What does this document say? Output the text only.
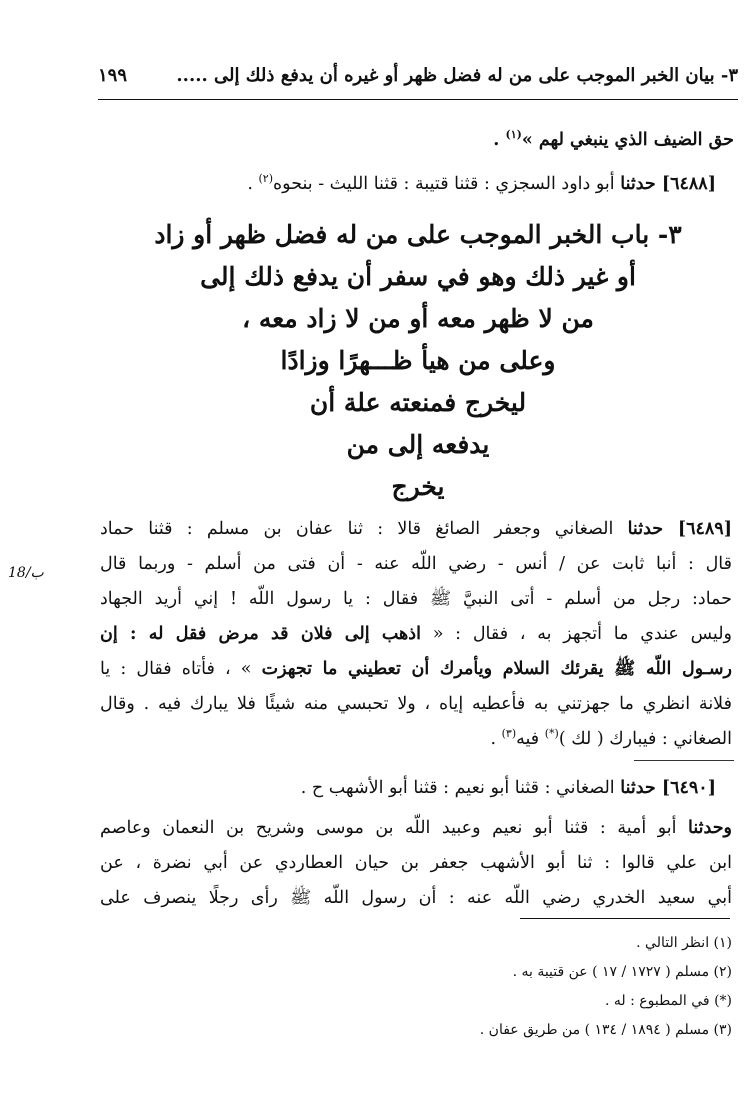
٣- بيان الخبر الموجب على من له فضل ظهر أو غيره أن يدفع ذلك إلى .....
١٩٩
حق الضيف الذي ينبغي لهم »$^{(١)}$ .
[٦٤٨٨] حدثنا أبو داود السجزي : قثنا قتيبة : قثنا الليث - بنحوه$^{(٢)}$ .
٣- باب الخبر الموجب على من له فضل ظهر أو زاد
أو غير ذلك وهو في سفر أن يدفع ذلك إلى
من لا ظهر معه أو من لا زاد معه ،
وعلى من هيأ ظـــهرًا وزادًا
ليخرج فمنعته علة أن
يدفعه إلى من
يخرج
[٦٤٨٩] حدثنا الصغاني وجعفر الصائغ قالا : ثنا عفان بن مسلم : قثنا حماد
قال : أنبا ثابت عن / أنس - رضي اللّه عنه - أن فتى من أسلم - وربما قال
حماد: رجل من أسلم - أتى النبيَّ ﷺ فقال : يا رسول اللّه ! إني أريد الجهاد
وليس عندي ما أتجهز به ، فقال : « اذهب إلى فلان قد مرض فقل له : إن
رسـول اللّه ﷺ يقرئك السلام ويأمرك أن تعطيني ما تجهزت » ، فأتاه فقال : يا
فلانة انظري ما جهزتني به فأعطيه إياه ، ولا تحبسي منه شيئًا فلا يبارك فيه . وقال
الصغاني : فيبارك ( لك )(*) فيه$^{(٣)}$ .
18/ب
[٦٤٩٠] حدثنا الصغاني : قثنا أبو نعيم : قثنا أبو الأشهب ح .
وحدثنا أبو أمية : قثنا أبو نعيم وعبيد اللّه بن موسى وشريح بن النعمان وعاصم
ابن علي قالوا : ثنا أبو الأشهب جعفر بن حيان العطاردي عن أبي نضرة ، عن
أبي سعيد الخدري رضي اللّه عنه : أن رسول اللّه ﷺ رأى رجلًا ينصرف على
(١) انظر التالي .
(٢) مسلم ( ١٧٢٧ / ١٧ ) عن قتيبة به .
(*) في المطبوع : له .
(٣) مسلم ( ١٨٩٤ / ١٣٤ ) من طريق عفان .
